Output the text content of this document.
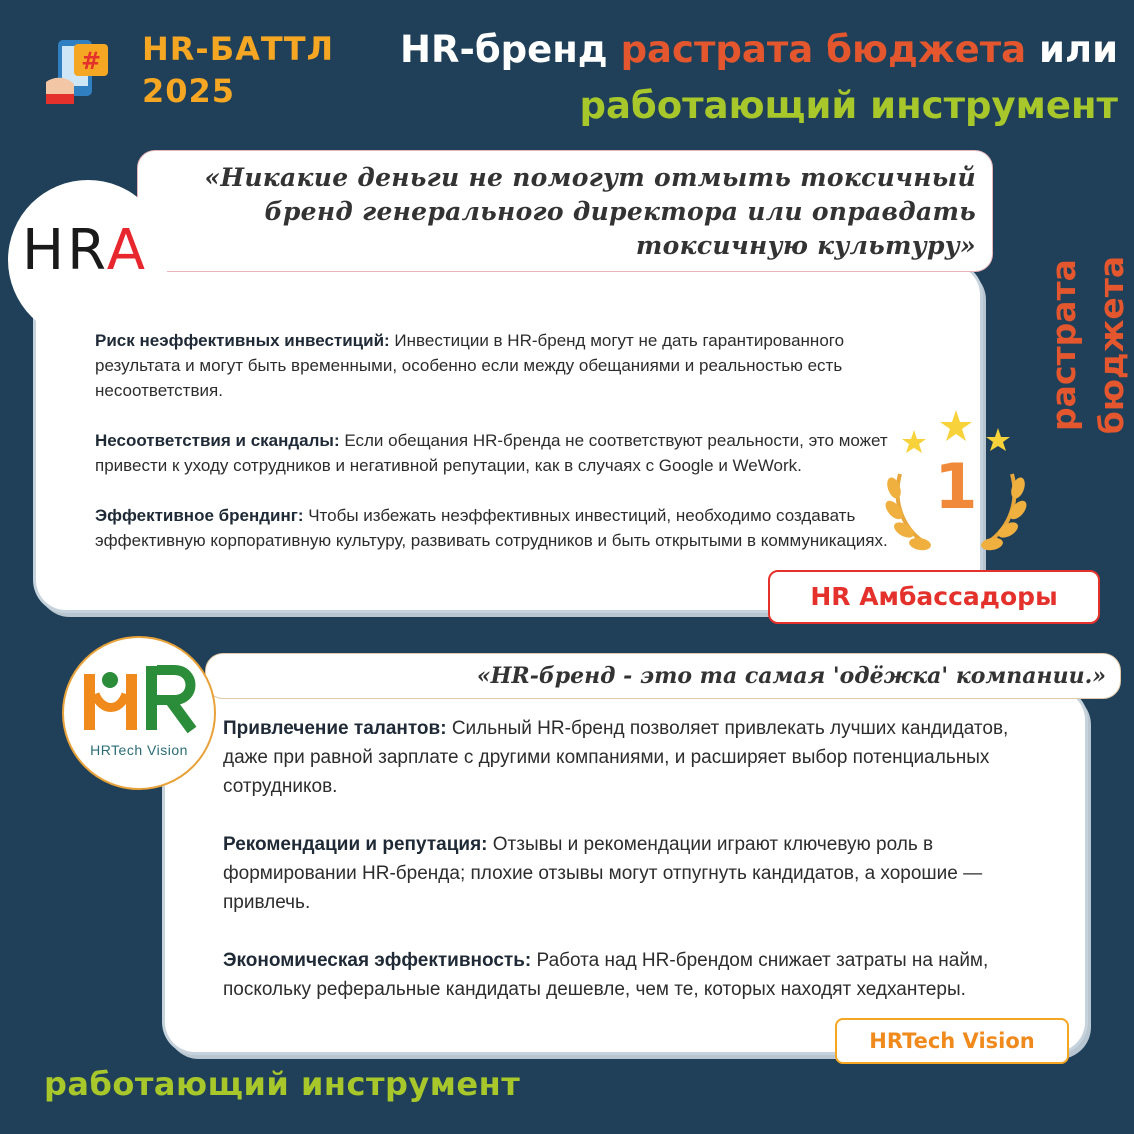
# HR-БАТТЛ
2025
HR-бренд растрата бюджета или
работающий инструмент
«Никакие деньги не помогут отмыть токсичный бренд генерального директора или оправдать токсичную культуру»
HRA

Риск неэффективных инвестиций: Инвестиции в HR-бренд могут не дать гарантированного результата и могут быть временными, особенно если между обещаниями и реальностью есть несоответствия.

Несоответствия и скандалы: Если обещания HR-бренда не соответствуют реальности, это может привести к уходу сотрудников и негативной репутации, как в случаях с Google и WeWork.

Эффективное брендинг: Чтобы избежать неэффективных инвестиций, необходимо создавать эффективную корпоративную культуру, развивать сотрудников и быть открытыми в коммуникациях.

1
растрата бюджета
HR Амбассадоры
«HR-бренд - это та самая 'одёжка' компании.»
HRTech Vision

Привлечение талантов: Сильный HR-бренд позволяет привлекать лучших кандидатов, даже при равной зарплате с другими компаниями, и расширяет выбор потенциальных сотрудников.

Рекомендации и репутация: Отзывы и рекомендации играют ключевую роль в формировании HR-бренда; плохие отзывы могут отпугнуть кандидатов, а хорошие — привлечь.

Экономическая эффективность: Работа над HR-брендом снижает затраты на найм, поскольку реферальные кандидаты дешевле, чем те, которых находят хедхантеры.

HRTech Vision
работающий инструмент
